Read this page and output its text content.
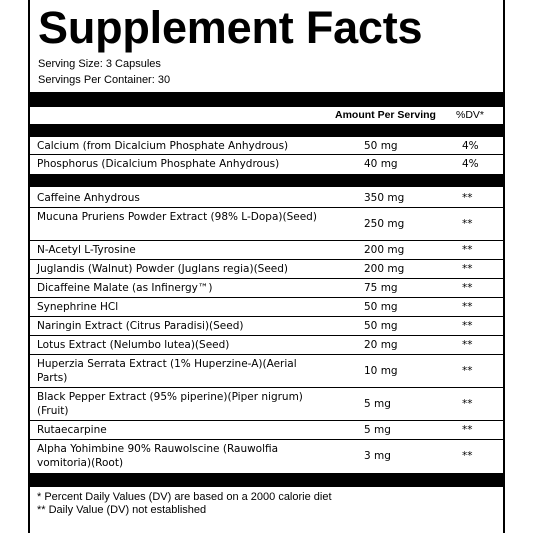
Supplement Facts
Serving Size: 3 Capsules
Servings Per Container: 30
Amount Per Serving %DV*
Calcium (from Dicalcium Phosphate Anhydrous)	50 mg	4%
Phosphorus (Dicalcium Phosphate Anhydrous)	40 mg	4%
Caffeine Anhydrous	350 mg	**
Mucuna Pruriens Powder Extract (98% L-Dopa)(Seed)
250 mg	**
N-Acetyl L-Tyrosine	200 mg	**
Juglandis (Walnut) Powder (Juglans regia)(Seed)	200 mg	**
Dicaffeine Malate (as Infinergy™)	75 mg	**
Synephrine HCl	50 mg	**
Naringin Extract (Citrus Paradisi)(Seed)	50 mg	**
Lotus Extract (Nelumbo lutea)(Seed)	20 mg	**
Huperzia Serrata Extract (1% Huperzine-A)(Aerial Parts)
10 mg	**
Black Pepper Extract (95% piperine)(Piper nigrum)(Fruit)
5 mg	**
Rutaecarpine	5 mg	**
Alpha Yohimbine 90% Rauwolscine (Rauwolfia vomitoria)(Root)
3 mg	**
* Percent Daily Values (DV) are based on a 2000 calorie diet
** Daily Value (DV) not established
